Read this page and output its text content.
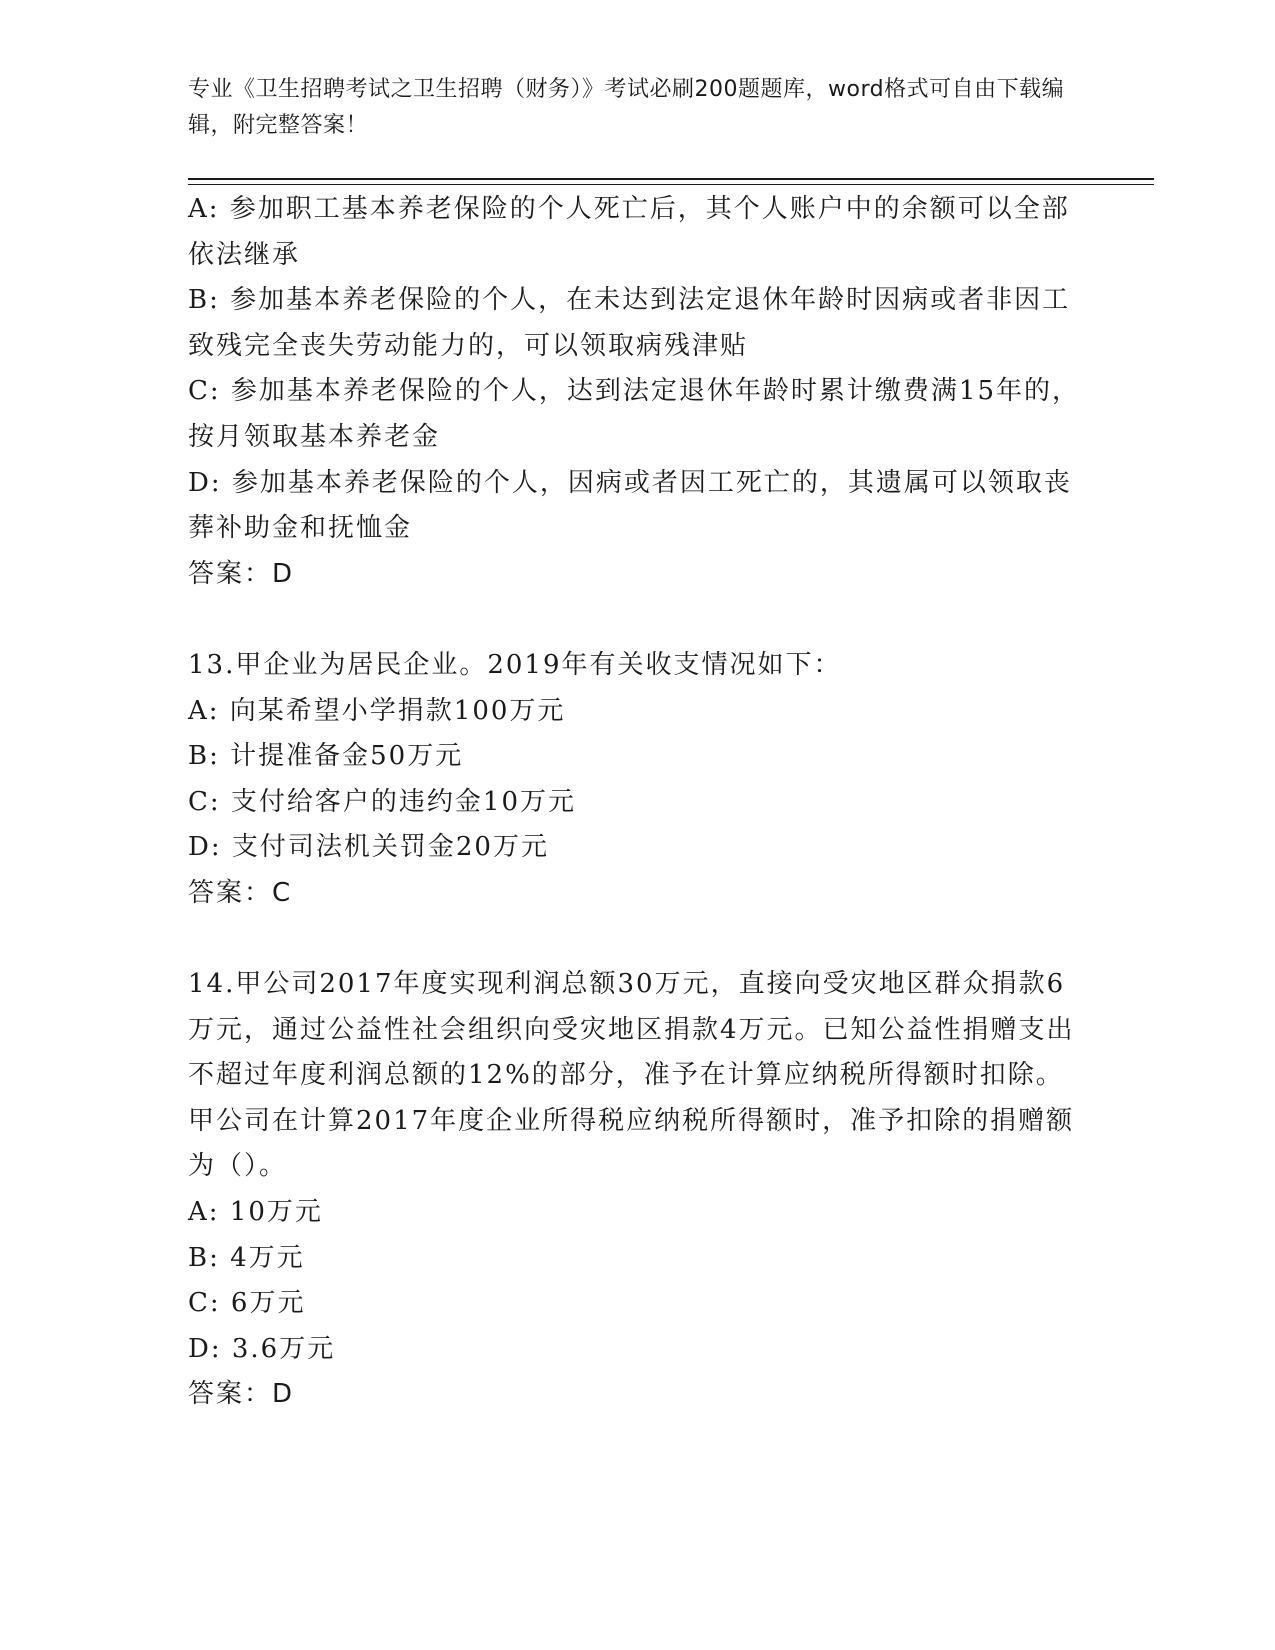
专业《卫生招聘考试之卫生招聘（财务）》考试必刷200题题库，word格式可自由下载编辑，附完整答案！

A: 参加职工基本养老保险的个人死亡后，其个人账户中的余额可以全部依法继承

B: 参加基本养老保险的个人，在未达到法定退休年龄时因病或者非因工致残完全丧失劳动能力的，可以领取病残津贴

C: 参加基本养老保险的个人，达到法定退休年龄时累计缴费满15年的，按月领取基本养老金

D: 参加基本养老保险的个人，因病或者因工死亡的，其遗属可以领取丧葬补助金和抚恤金

答案：D

13.甲企业为居民企业。2019年有关收支情况如下：

A: 向某希望小学捐款100万元

B: 计提准备金50万元

C: 支付给客户的违约金10万元

D: 支付司法机关罚金20万元

答案：C

14.甲公司2017年度实现利润总额30万元，直接向受灾地区群众捐款6万元，通过公益性社会组织向受灾地区捐款4万元。已知公益性捐赠支出不超过年度利润总额的12%的部分，准予在计算应纳税所得额时扣除。甲公司在计算2017年度企业所得税应纳税所得额时，准予扣除的捐赠额为（）。

A: 10万元

B: 4万元

C: 6万元

D: 3.6万元

答案：D
